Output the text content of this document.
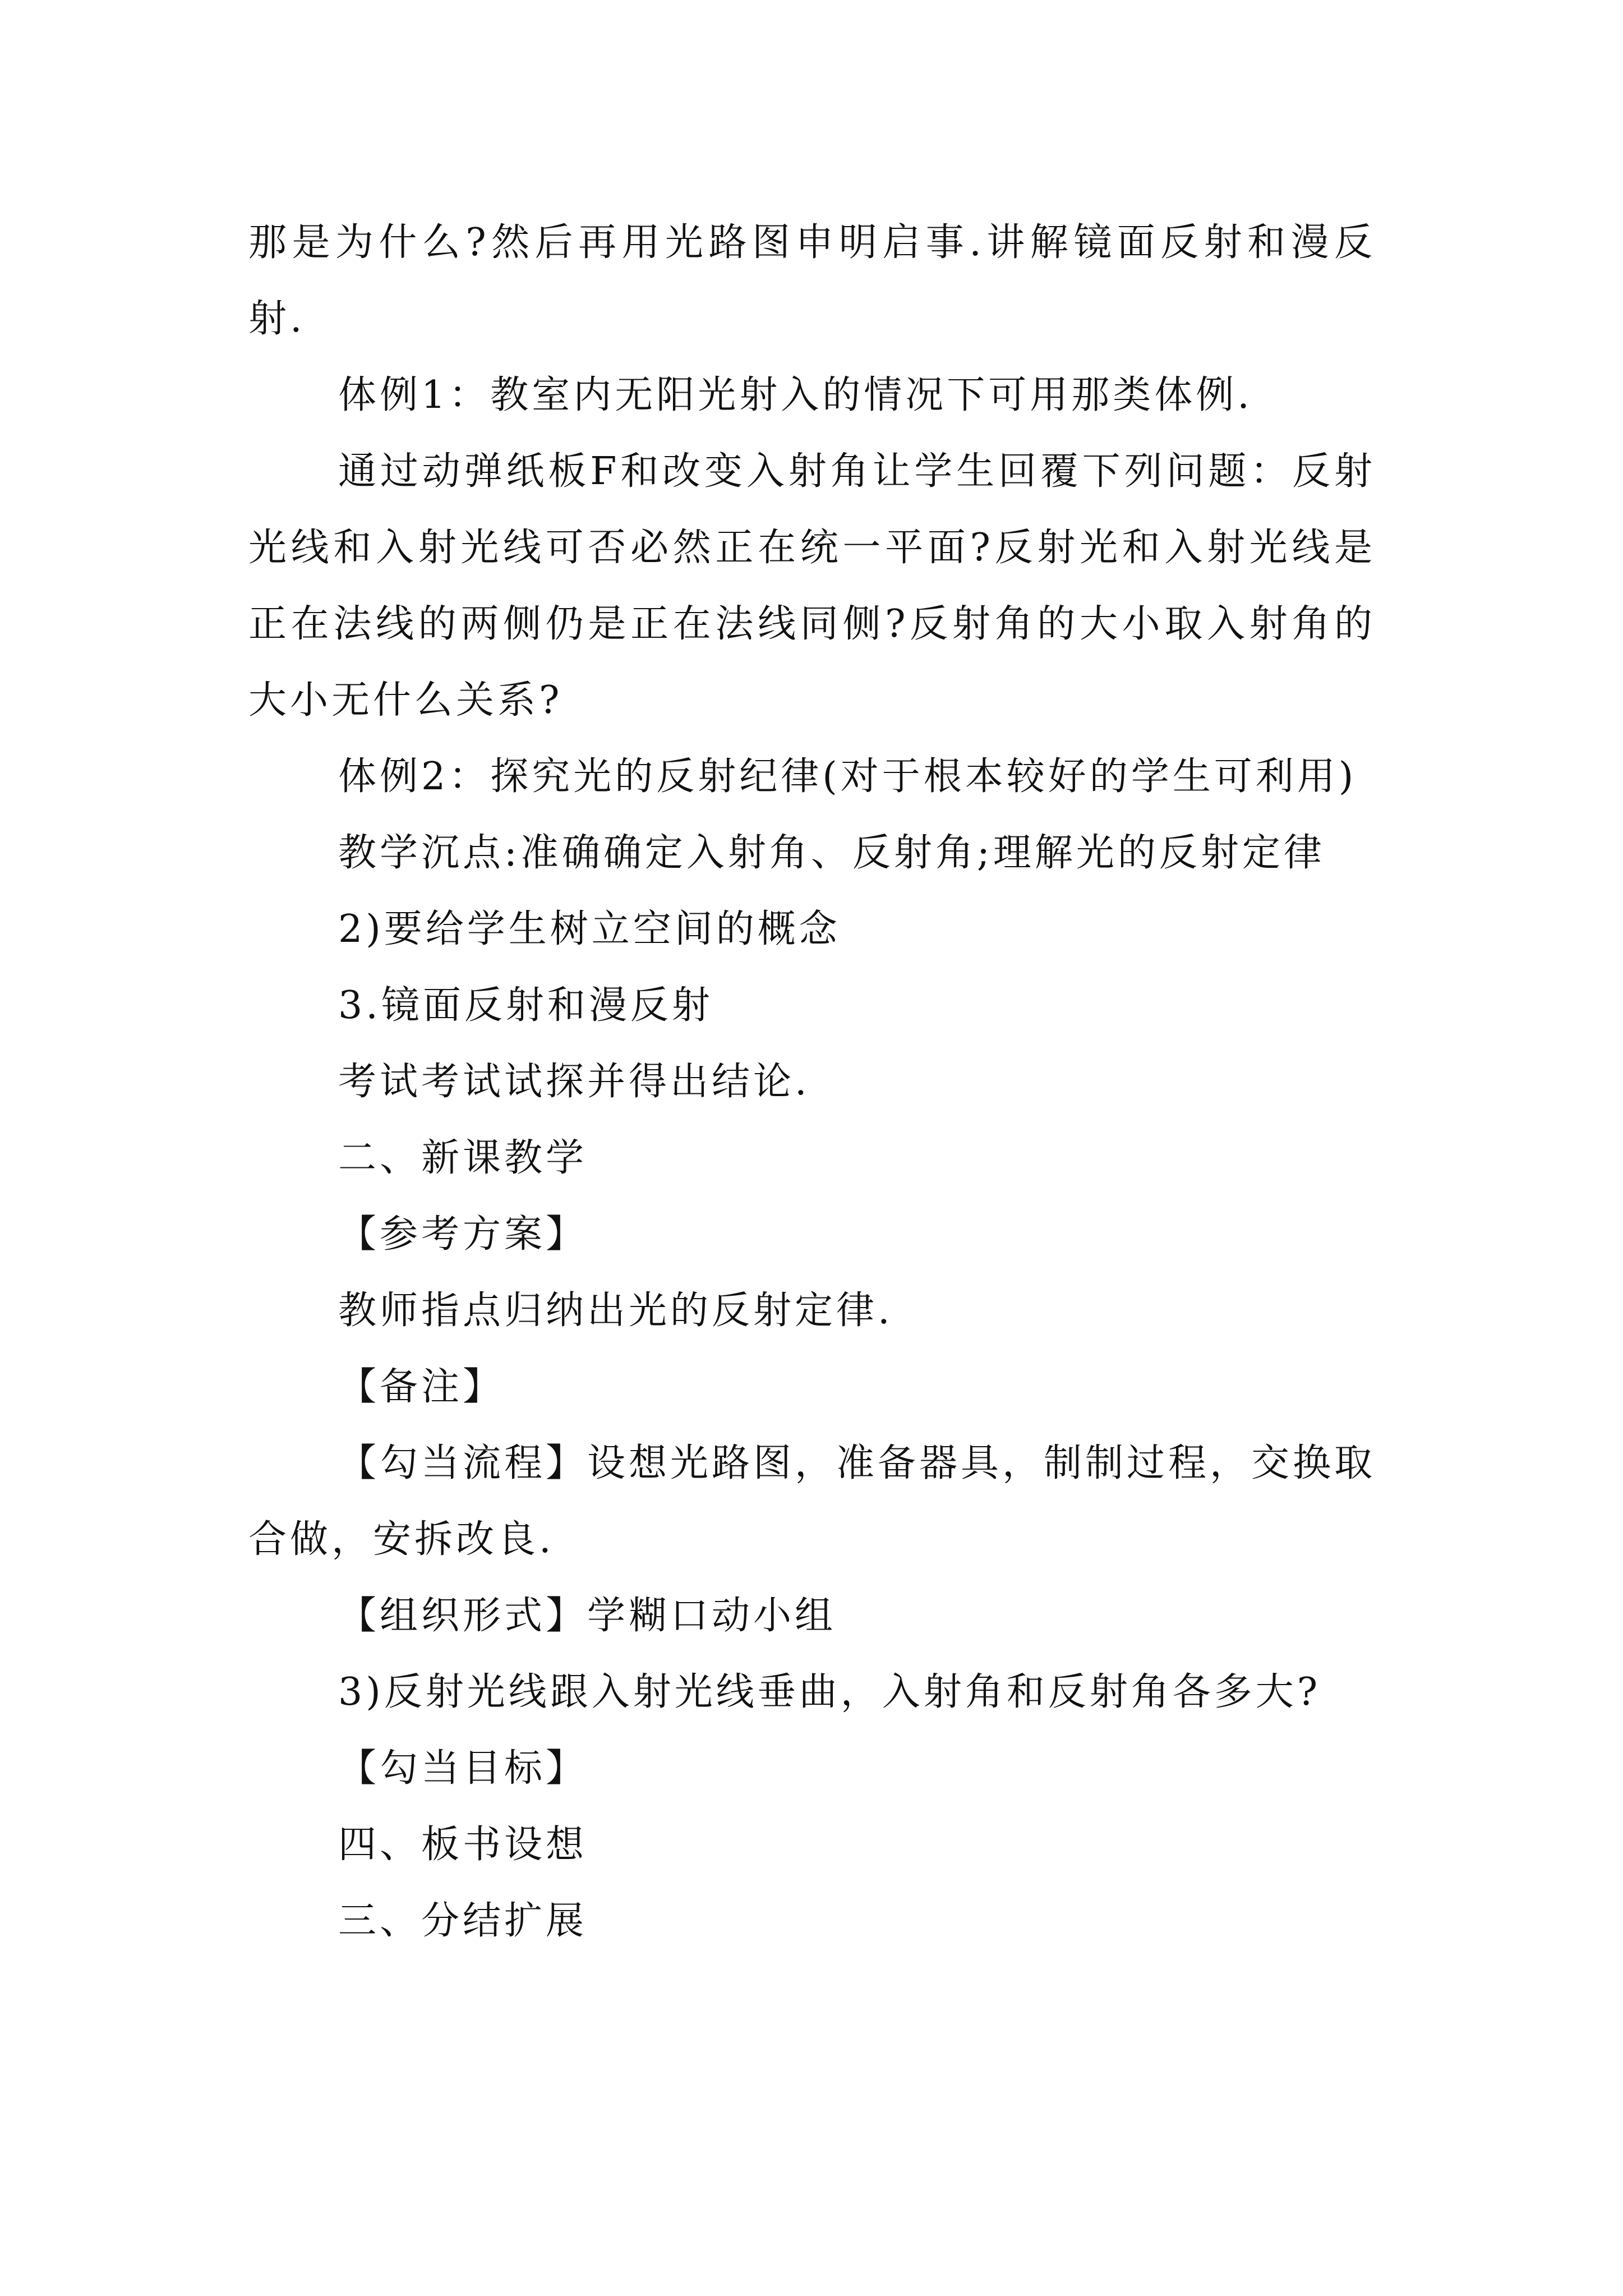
那是为什么?然后再用光路图申明启事.讲解镜面反射和漫反射.

体例1：教室内无阳光射入的情况下可用那类体例.

通过动弹纸板F和改变入射角让学生回覆下列问题：反射光线和入射光线可否必然正在统一平面?反射光和入射光线是正在法线的两侧仍是正在法线同侧?反射角的大小取入射角的大小无什么关系?

体例2：探究光的反射纪律(对于根本较好的学生可利用)

教学沉点:准确确定入射角、反射角;理解光的反射定律

2)要给学生树立空间的概念

3.镜面反射和漫反射

考试考试试探并得出结论.

二、新课教学

【参考方案】

教师指点归纳出光的反射定律.

【备注】

【勾当流程】设想光路图，准备器具，制制过程，交换取合做，安拆改良.

【组织形式】学糊口动小组

3)反射光线跟入射光线垂曲，入射角和反射角各多大?

【勾当目标】

四、板书设想

三、分结扩展
